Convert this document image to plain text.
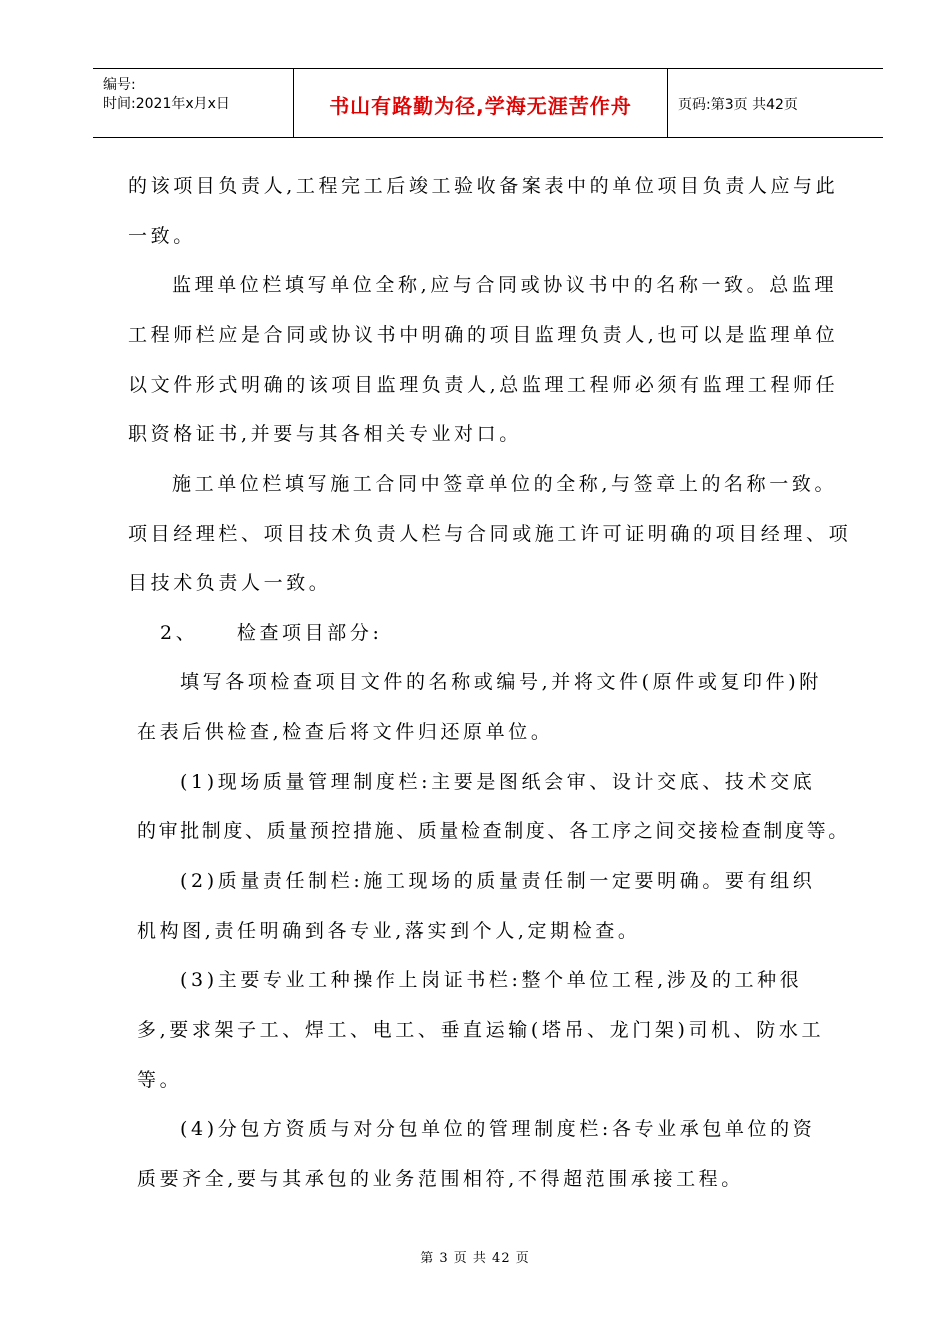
编号:
时间:2021年x月x日	书山有路勤为径,学海无涯苦作舟	页码:第3页 共42页
的该项目负责人,工程完工后竣工验收备案表中的单位项目负责人应与此
一致。
监理单位栏填写单位全称,应与合同或协议书中的名称一致。总监理
工程师栏应是合同或协议书中明确的项目监理负责人,也可以是监理单位
以文件形式明确的该项目监理负责人,总监理工程师必须有监理工程师任
职资格证书,并要与其各相关专业对口。
施工单位栏填写施工合同中签章单位的全称,与签章上的名称一致。
项目经理栏、项目技术负责人栏与合同或施工许可证明确的项目经理、项
目技术负责人一致。
2、    检查项目部分:
填写各项检查项目文件的名称或编号,并将文件(原件或复印件)附
在表后供检查,检查后将文件归还原单位。
(1)现场质量管理制度栏:主要是图纸会审、设计交底、技术交底
的审批制度、质量预控措施、质量检查制度、各工序之间交接检查制度等。
(2)质量责任制栏:施工现场的质量责任制一定要明确。要有组织
机构图,责任明确到各专业,落实到个人,定期检查。
(3)主要专业工种操作上岗证书栏:整个单位工程,涉及的工种很
多,要求架子工、焊工、电工、垂直运输(塔吊、龙门架)司机、防水工
等。
(4)分包方资质与对分包单位的管理制度栏:各专业承包单位的资
质要齐全,要与其承包的业务范围相符,不得超范围承接工程。
第 3 页 共 42 页
